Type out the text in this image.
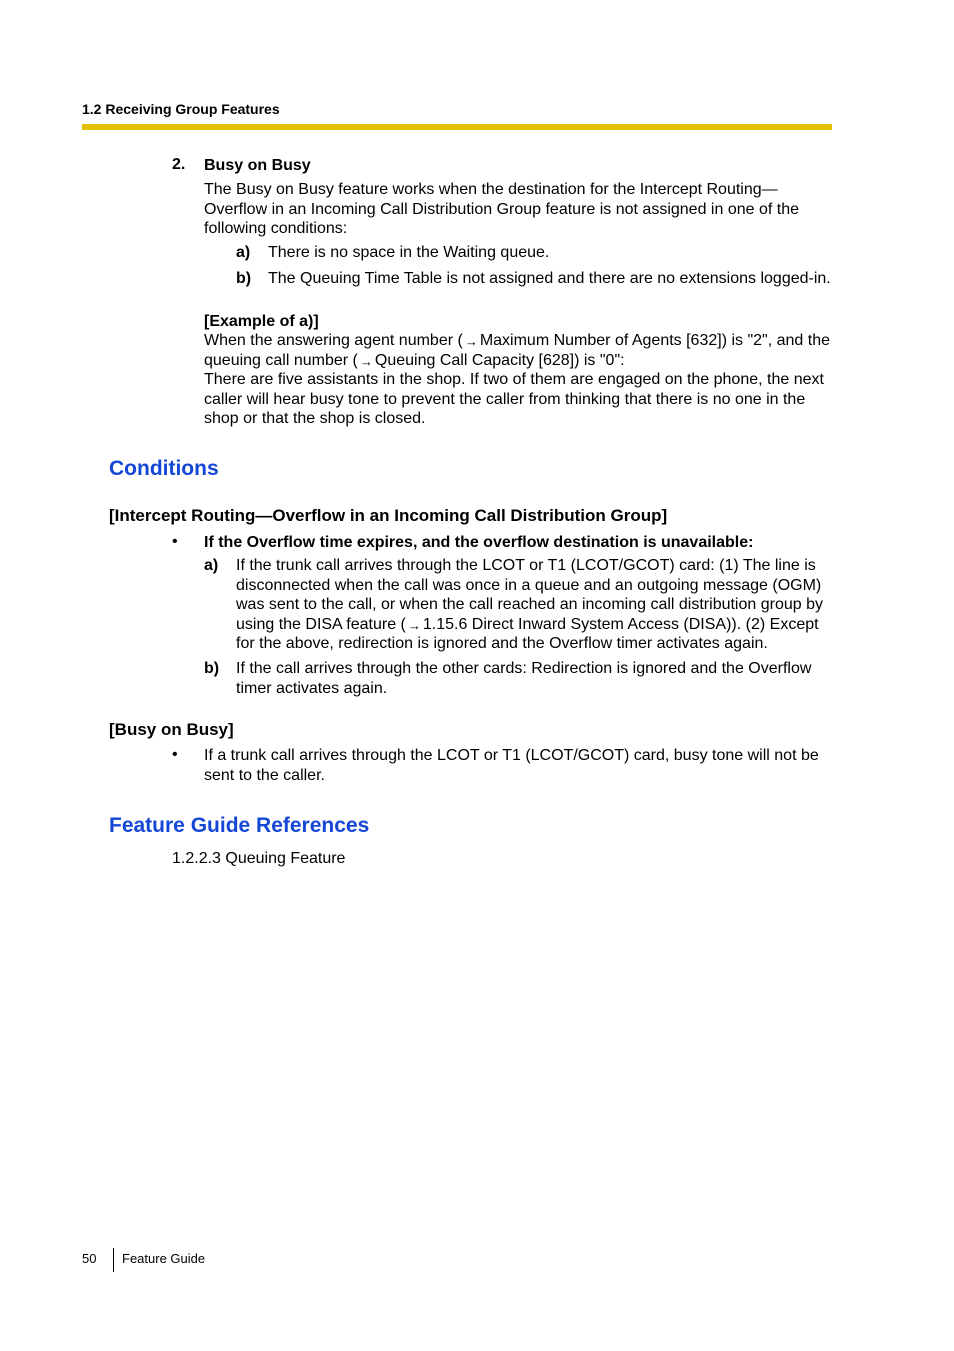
1.2 Receiving Group Features
2. Busy on Busy
The Busy on Busy feature works when the destination for the Intercept Routing—Overflow in an Incoming Call Distribution Group feature is not assigned in one of the following conditions:
a) There is no space in the Waiting queue.
b) The Queuing Time Table is not assigned and there are no extensions logged-in.
[Example of a)]
When the answering agent number ( → Maximum Number of Agents [632]) is "2", and the
queuing call number ( → Queuing Call Capacity [628]) is "0":
There are five assistants in the shop. If two of them are engaged on the phone, the next caller will hear busy tone to prevent the caller from thinking that there is no one in the shop or that the shop is closed.
Conditions
[Intercept Routing—Overflow in an Incoming Call Distribution Group]
• If the Overflow time expires, and the overflow destination is unavailable:
a) If the trunk call arrives through the LCOT or T1 (LCOT/GCOT) card: (1) The line is disconnected when the call was once in a queue and an outgoing message (OGM) was sent to the call, or when the call reached an incoming call distribution group by using the DISA feature ( → 1.15.6 Direct Inward System Access (DISA)). (2) Except for the above, redirection is ignored and the Overflow timer activates again.
b) If the call arrives through the other cards: Redirection is ignored and the Overflow timer activates again.
[Busy on Busy]
• If a trunk call arrives through the LCOT or T1 (LCOT/GCOT) card, busy tone will not be sent to the caller.
Feature Guide References
1.2.2.3 Queuing Feature
50 Feature Guide
